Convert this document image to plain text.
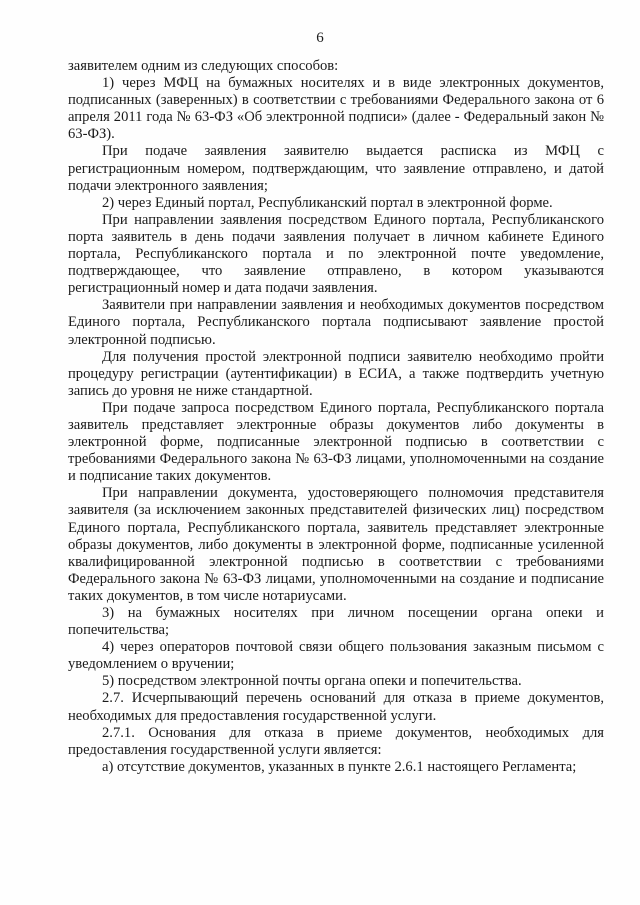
6

заявителем одним из следующих способов:

1) через МФЦ на бумажных носителях и в виде электронных документов, подписанных (заверенных) в соответствии с требованиями Федерального закона от 6 апреля 2011 года № 63-ФЗ «Об электронной подписи» (далее - Федеральный закон № 63-ФЗ).

При подаче заявления заявителю выдается расписка из МФЦ с регистрационным номером, подтверждающим, что заявление отправлено, и датой подачи электронного заявления;

2) через Единый портал, Республиканский портал в электронной форме.

При направлении заявления посредством Единого портала, Республиканского порта заявитель в день подачи заявления получает в личном кабинете Единого портала, Республиканского портала и по электронной почте уведомление, подтверждающее, что заявление отправлено, в котором указываются регистрационный номер и дата подачи заявления.

Заявители при направлении заявления и необходимых документов посредством Единого портала, Республиканского портала подписывают заявление простой электронной подписью.

Для получения простой электронной подписи заявителю необходимо пройти процедуру регистрации (аутентификации) в ЕСИА, а также подтвердить учетную запись до уровня не ниже стандартной.

При подаче запроса посредством Единого портала, Республиканского портала заявитель представляет электронные образы документов либо документы в электронной форме, подписанные электронной подписью в соответствии с требованиями Федерального закона № 63-ФЗ лицами, уполномоченными на создание и подписание таких документов.

При направлении документа, удостоверяющего полномочия представителя заявителя (за исключением законных представителей физических лиц) посредством Единого портала, Республиканского портала, заявитель представляет электронные образы документов, либо документы в электронной форме, подписанные усиленной квалифицированной электронной подписью в соответствии с требованиями Федерального закона № 63-ФЗ лицами, уполномоченными на создание и подписание таких документов, в том числе нотариусами.

3) на бумажных носителях при личном посещении органа опеки и попечительства;

4) через операторов почтовой связи общего пользования заказным письмом с уведомлением о вручении;

5) посредством электронной почты органа опеки и попечительства.

2.7. Исчерпывающий перечень оснований для отказа в приеме документов, необходимых для предоставления государственной услуги.

2.7.1. Основания для отказа в приеме документов, необходимых для предоставления государственной услуги является:

а) отсутствие документов, указанных в пункте 2.6.1 настоящего Регламента;
